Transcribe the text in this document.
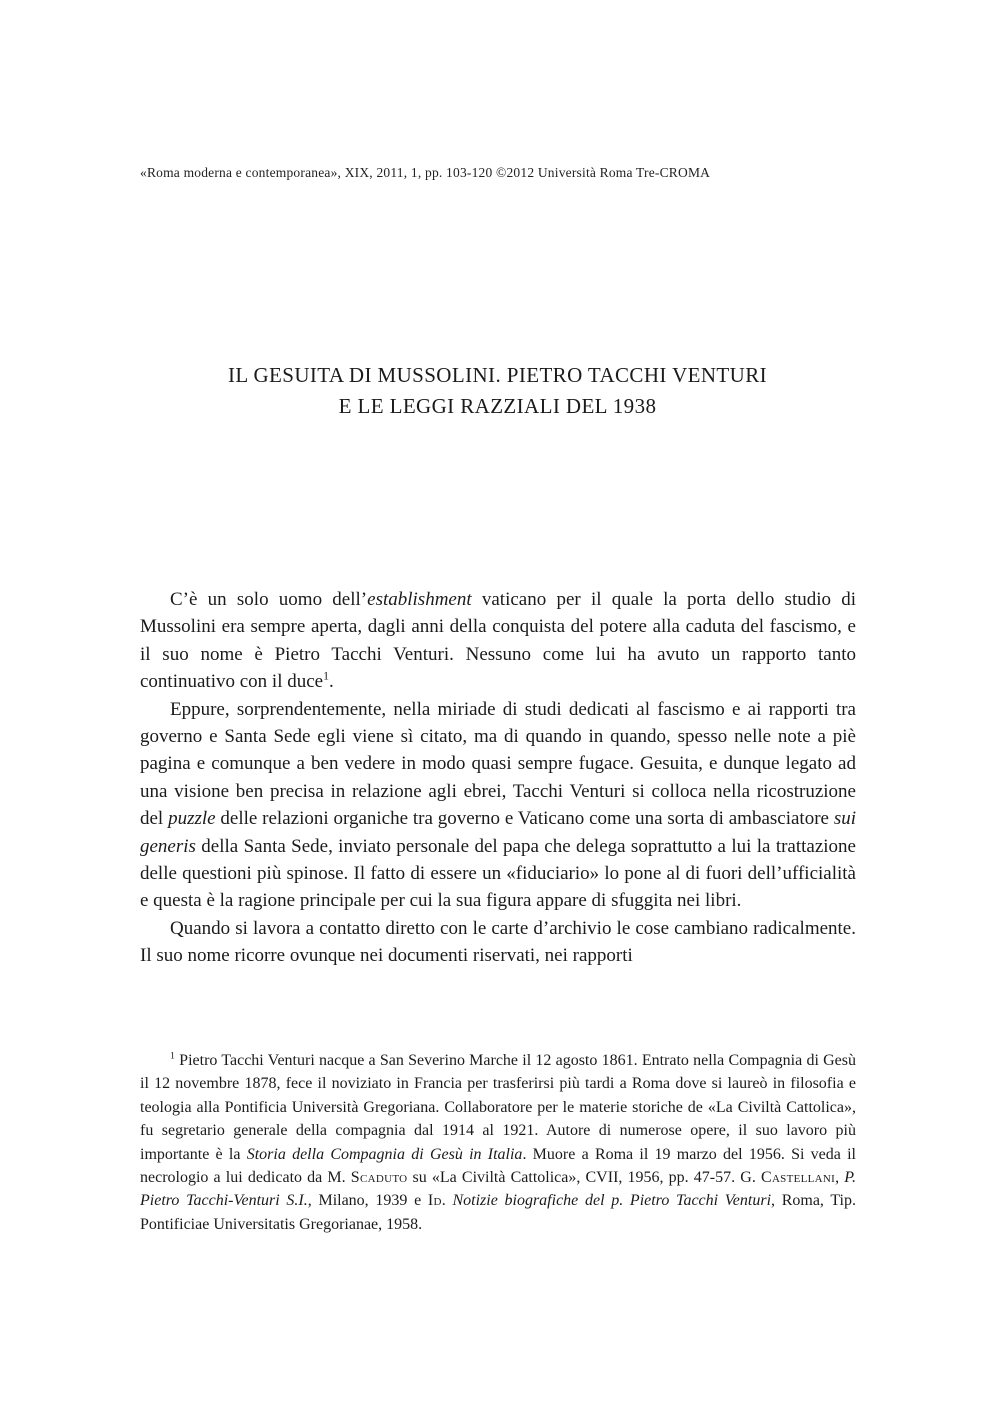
«Roma moderna e contemporanea», XIX, 2011, 1, pp. 103-120 ©2012 Università Roma Tre-CROMA
IL GESUITA DI MUSSOLINI. PIETRO TACCHI VENTURI
E LE LEGGI RAZZIALI DEL 1938

C’è un solo uomo dell’establishment vaticano per il quale la porta dello studio di Mussolini era sempre aperta, dagli anni della conquista del potere alla caduta del fascismo, e il suo nome è Pietro Tacchi Venturi. Nessuno come lui ha avuto un rapporto tanto continuativo con il duce$^1$.

Eppure, sorprendentemente, nella miriade di studi dedicati al fascismo e ai rapporti tra governo e Santa Sede egli viene sì citato, ma di quando in quando, spesso nelle note a piè pagina e comunque a ben vedere in modo quasi sempre fugace. Gesuita, e dunque legato ad una visione ben precisa in relazione agli ebrei, Tacchi Venturi si colloca nella ricostruzione del puzzle delle relazioni organiche tra governo e Vaticano come una sorta di ambasciatore sui generis della Santa Sede, inviato personale del papa che delega soprattutto a lui la trattazione delle questioni più spinose. Il fatto di essere un «fiduciario» lo pone al di fuori dell’ufficialità e questa è la ragione principale per cui la sua figura appare di sfuggita nei libri.

Quando si lavora a contatto diretto con le carte d’archivio le cose cambiano radicalmente. Il suo nome ricorre ovunque nei documenti riservati, nei rapporti

$^1$ Pietro Tacchi Venturi nacque a San Severino Marche il 12 agosto 1861. Entrato nella Compagnia di Gesù il 12 novembre 1878, fece il noviziato in Francia per trasferirsi più tardi a Roma dove si laureò in filosofia e teologia alla Pontificia Università Gregoriana. Collaboratore per le materie storiche de «La Civiltà Cattolica», fu segretario generale della compagnia dal 1914 al 1921. Autore di numerose opere, il suo lavoro più importante è la Storia della Compagnia di Gesù in Italia. Muore a Roma il 19 marzo del 1956. Si veda il necrologio a lui dedicato da M. Scaduto su «La Civiltà Cattolica», CVII, 1956, pp. 47-57. G. Castellani, P. Pietro Tacchi-Venturi S.I., Milano, 1939 e Id. Notizie biografiche del p. Pietro Tacchi Venturi, Roma, Tip. Pontificiae Universitatis Gregorianae, 1958.
